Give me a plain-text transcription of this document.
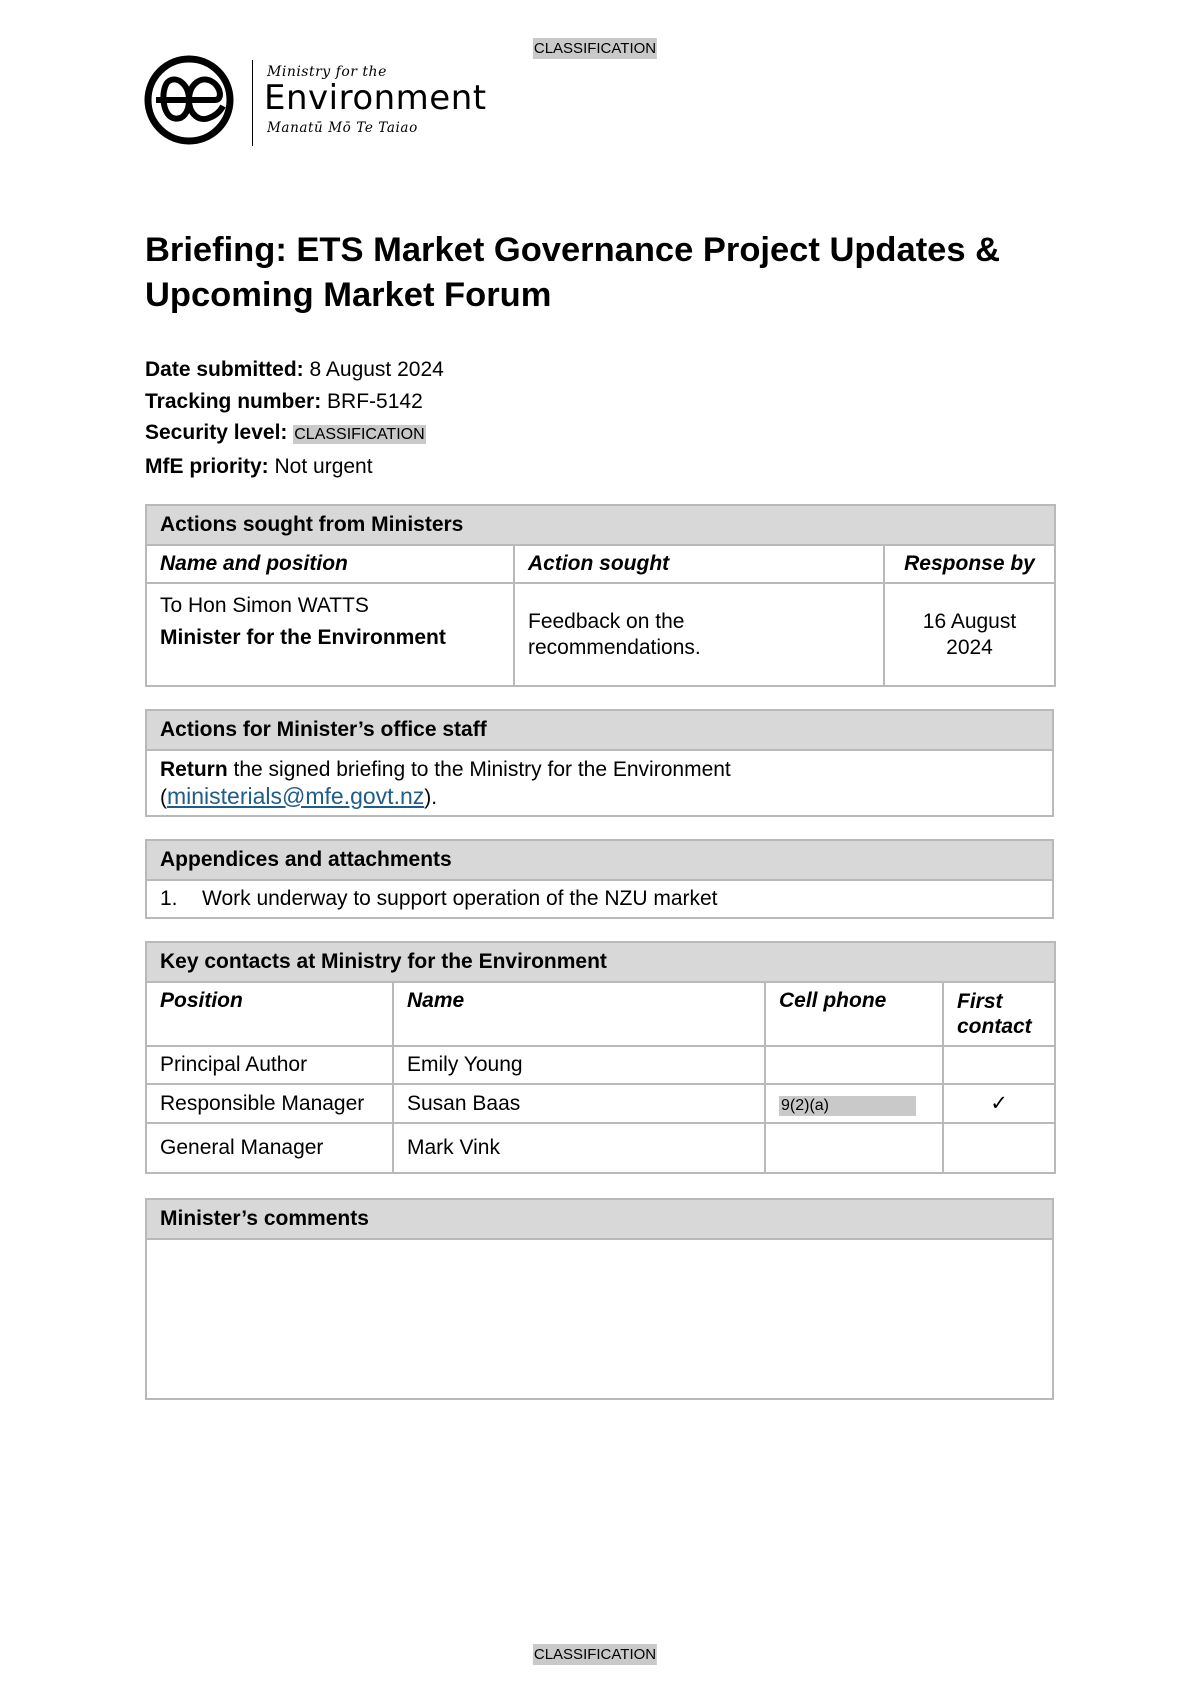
CLASSIFICATION
Ministry for the
Environment
Manatū Mō Te Taiao
Briefing: ETS Market Governance Project Updates & Upcoming Market Forum
Date submitted: 8 August 2024
Tracking number: BRF-5142
Security level: CLASSIFICATION
MfE priority: Not urgent
Actions sought from Ministers		
Name and position	Action sought	Response by

To Hon Simon WATTS
Minister for the Environment	Feedback on the recommendations.	16 August 2024
Actions for Minister’s office staff
Return the signed briefing to the Ministry for the Environment
(ministerials@mfe.govt.nz).
Appendices and attachments
1. Work underway to support operation of the NZU market
Key contacts at Ministry for the Environment			
Position	Name	Cell phone	First contact
Principal Author	Emily Young		
Responsible Manager	Susan Baas	9(2)(a)	✓
General Manager	Mark Vink		
Minister’s comments

CLASSIFICATION
